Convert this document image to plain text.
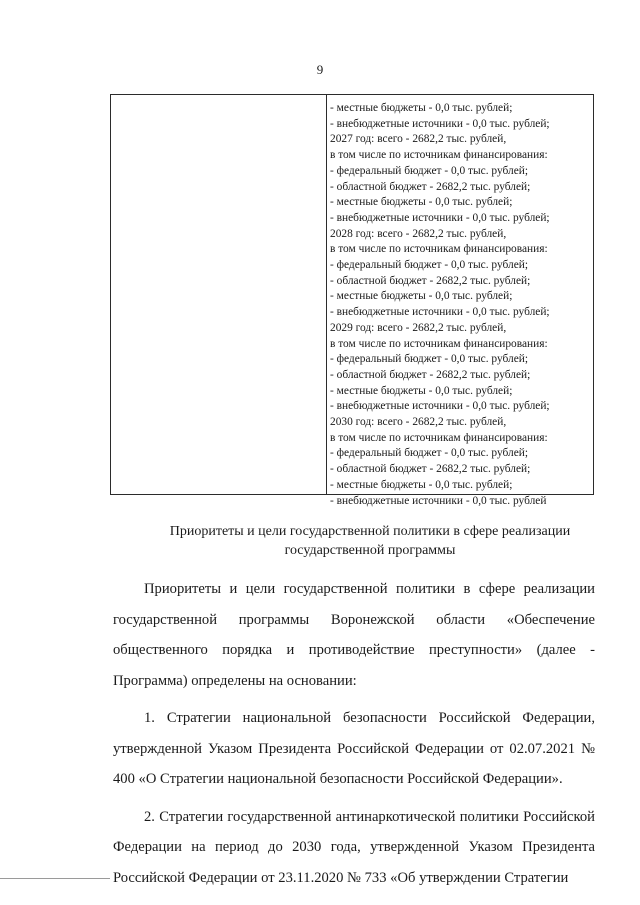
9
- местные бюджеты - 0,0 тыс. рублей;
- внебюджетные источники - 0,0 тыс. рублей;
2027 год: всего - 2682,2 тыс. рублей,
в том числе по источникам финансирования:
- федеральный бюджет - 0,0 тыс. рублей;
- областной бюджет - 2682,2 тыс. рублей;
- местные бюджеты - 0,0 тыс. рублей;
- внебюджетные источники - 0,0 тыс. рублей;
2028 год: всего - 2682,2 тыс. рублей,
в том числе по источникам финансирования:
- федеральный бюджет - 0,0 тыс. рублей;
- областной бюджет - 2682,2 тыс. рублей;
- местные бюджеты - 0,0 тыс. рублей;
- внебюджетные источники - 0,0 тыс. рублей;
2029 год: всего - 2682,2 тыс. рублей,
в том числе по источникам финансирования:
- федеральный бюджет - 0,0 тыс. рублей;
- областной бюджет - 2682,2 тыс. рублей;
- местные бюджеты - 0,0 тыс. рублей;
- внебюджетные источники - 0,0 тыс. рублей;
2030 год: всего - 2682,2 тыс. рублей,
в том числе по источникам финансирования:
- федеральный бюджет - 0,0 тыс. рублей;
- областной бюджет - 2682,2 тыс. рублей;
- местные бюджеты - 0,0 тыс. рублей;
- внебюджетные источники - 0,0 тыс. рублей
Приоритеты и цели государственной политики в сфере реализации
государственной программы

Приоритеты и цели государственной политики в сфере реализации государственной программы Воронежской области «Обеспечение общественного порядка и противодействие преступности» (далее - Программа) определены на основании:

1. Стратегии национальной безопасности Российской Федерации, утвержденной Указом Президента Российской Федерации от 02.07.2021 № 400 «О Стратегии национальной безопасности Российской Федерации».

2. Стратегии государственной антинаркотической политики Российской Федерации на период до 2030 года, утвержденной Указом Президента Российской Федерации от 23.11.2020 № 733 «Об утверждении Стратегии
